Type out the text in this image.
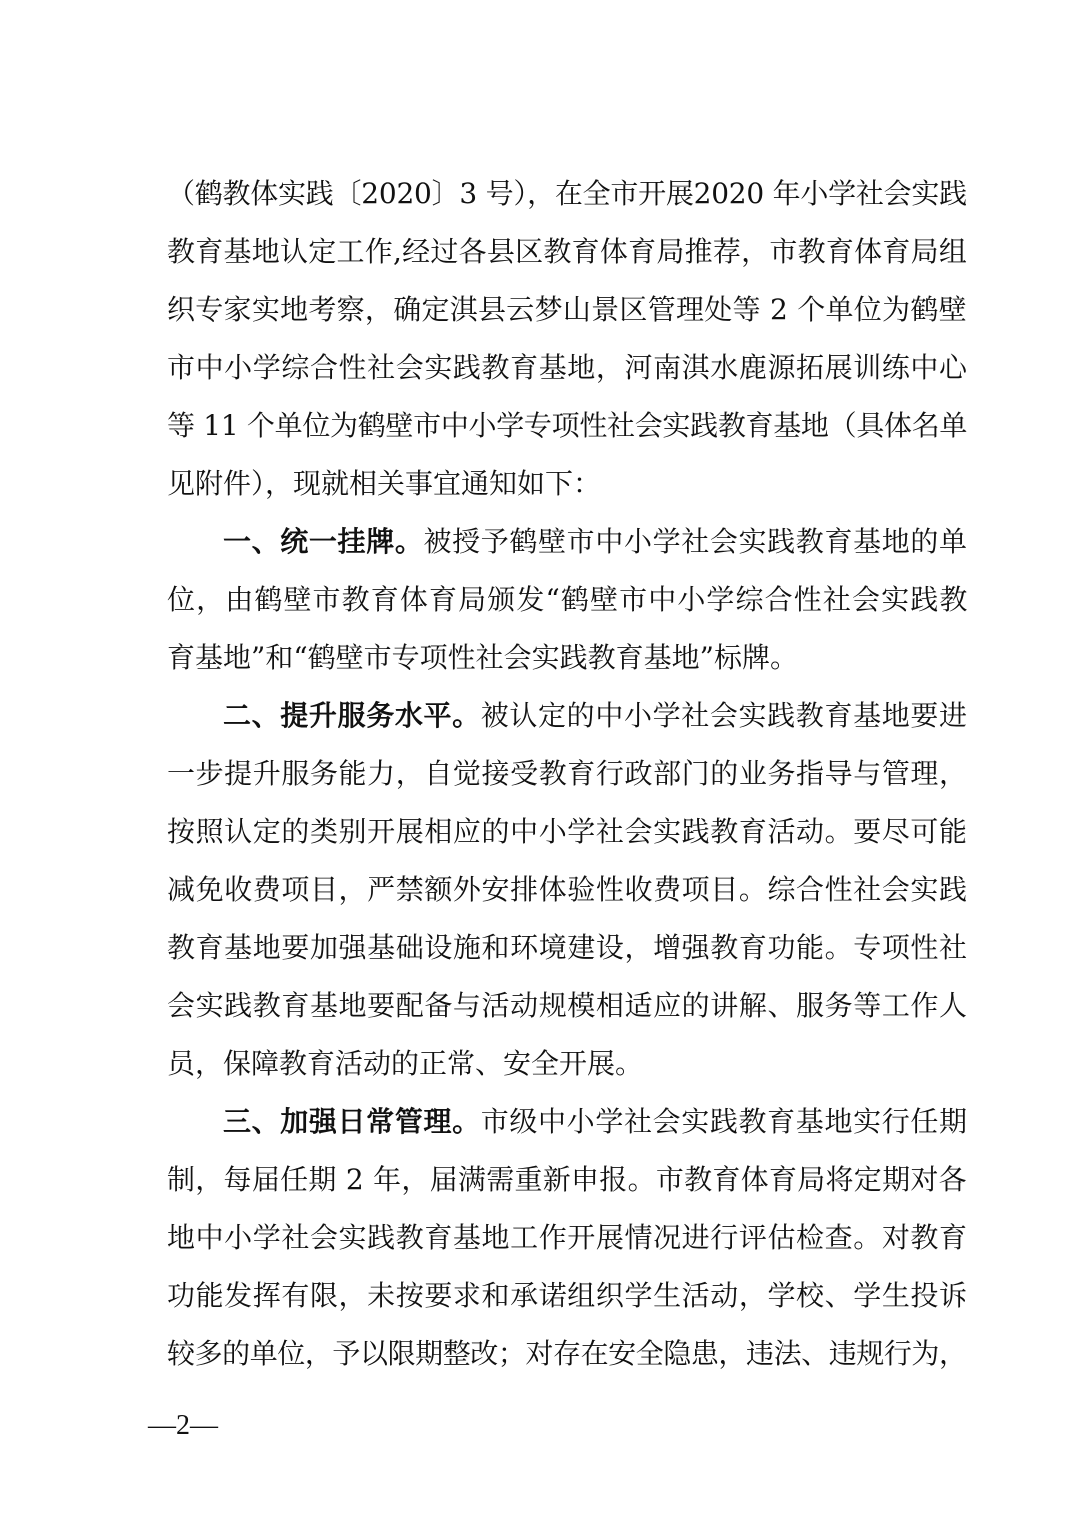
（鹤教体实践〔2020〕3 号），在全市开展2020 年小学社会实践
教育基地认定工作,经过各县区教育体育局推荐，市教育体育局组
织专家实地考察，确定淇县云梦山景区管理处等 2 个单位为鹤壁
市中小学综合性社会实践教育基地，河南淇水鹿源拓展训练中心
等 11 个单位为鹤壁市中小学专项性社会实践教育基地（具体名单
见附件），现就相关事宜通知如下：
一、统一挂牌。被授予鹤壁市中小学社会实践教育基地的单
位，由鹤壁市教育体育局颁发“鹤壁市中小学综合性社会实践教
育基地”和“鹤壁市专项性社会实践教育基地”标牌。
二、提升服务水平。被认定的中小学社会实践教育基地要进
一步提升服务能力，自觉接受教育行政部门的业务指导与管理，
按照认定的类别开展相应的中小学社会实践教育活动。要尽可能
减免收费项目，严禁额外安排体验性收费项目。综合性社会实践
教育基地要加强基础设施和环境建设，增强教育功能。专项性社
会实践教育基地要配备与活动规模相适应的讲解、服务等工作人
员，保障教育活动的正常、安全开展。
三、加强日常管理。市级中小学社会实践教育基地实行任期
制，每届任期 2 年，届满需重新申报。市教育体育局将定期对各
地中小学社会实践教育基地工作开展情况进行评估检查。对教育
功能发挥有限，未按要求和承诺组织学生活动，学校、学生投诉
较多的单位，予以限期整改；对存在安全隐患，违法、违规行为，
—2—
